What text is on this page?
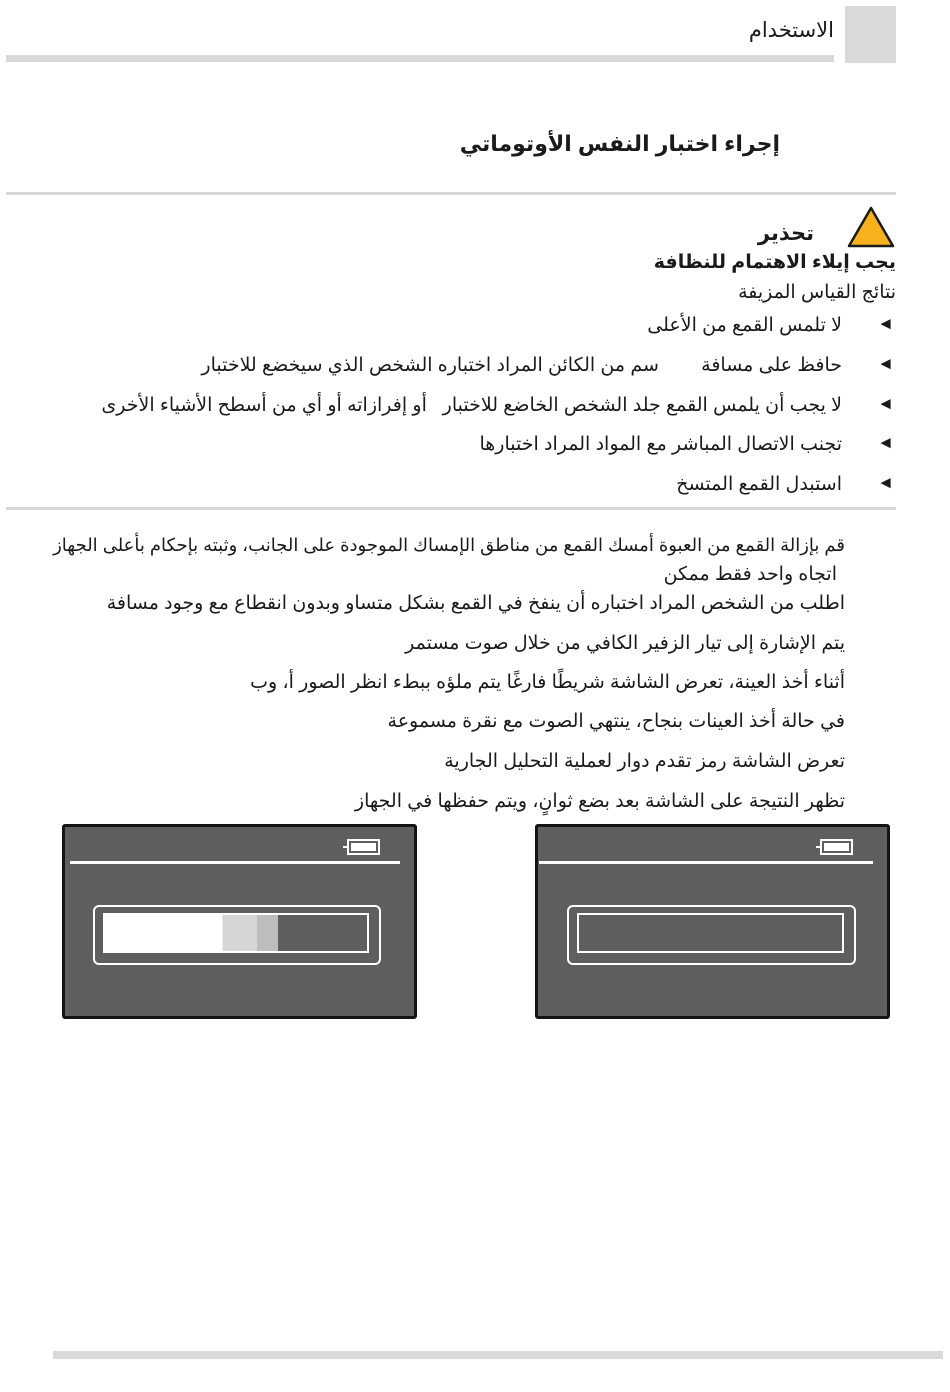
الاستخدام
إجراء اختبار النفس الأوتوماتي
تحذير
يجب إيلاء الاهتمام للنظافة
نتائج القياس المزيفة
◄
لا تلمس القمع من الأعلى
◄
حافظ على مسافة        سم من الكائن المراد اختباره الشخص الذي سيخضع للاختبار
◄
لا يجب أن يلمس القمع جلد الشخص الخاضع للاختبار   أو إفرازاته أو أي من أسطح الأشياء الأخرى
◄
تجنب الاتصال المباشر مع المواد المراد اختبارها
◄
استبدل القمع المتسخ
قم بإزالة القمع من العبوة أمسك القمع من مناطق الإمساك الموجودة على الجانب، وثبته بإحكام بأعلى الجهاز
اتجاه واحد فقط ممكن
اطلب من الشخص المراد اختباره أن ينفخ في القمع بشكل متساو وبدون انقطاع مع وجود مسافة
يتم الإشارة إلى تيار الزفير الكافي من خلال صوت مستمر
أثناء أخذ العينة، تعرض الشاشة شريطًا فارغًا يتم ملؤه ببطء انظر الصور أ، وب
في حالة أخذ العينات بنجاح، ينتهي الصوت مع نقرة مسموعة
تعرض الشاشة رمز تقدم دوار لعملية التحليل الجارية
تظهر النتيجة على الشاشة بعد بضع ثوانٍ، ويتم حفظها في الجهاز
